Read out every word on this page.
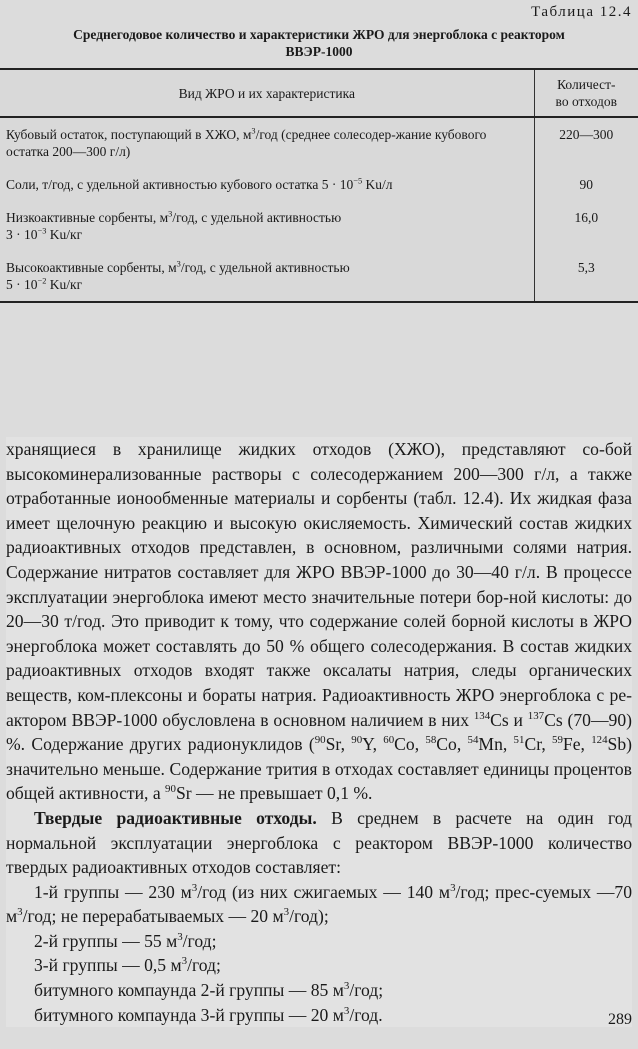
Таблица 12.4
Среднегодовое количество и характеристики ЖРО для энергоблока с реактором
ВВЭР-1000
Вид ЖРО и их характеристика	Количест-
во отходов
Кубовый остаток, поступающий в ХЖО, $м^3$/год (среднее солесодер-жание кубового остатка 200—300 г/л)	220—300
Соли, т/год, с удельной активностью кубового остатка $5 \cdot 10^{-5}$ Ku/л	90
Низкоактивные сорбенты, $м^3$/год, с удельной активностью
$3 \cdot 10^{-3}$ Ku/кг	16,0
Высокоактивные сорбенты, $м^3$/год, с удельной активностью
$5 \cdot 10^{-2}$ Ku/кг	5,3

хранящиеся в хранилище жидких отходов (ХЖО), представляют со-бой высокоминерализованные растворы с солесодержанием 200—300 г/л, а также отработанные ионообменные материалы и сорбенты (табл. 12.4). Их жидкая фаза имеет щелочную реакцию и высокую окисляемость. Химический состав жидких радиоактивных отходов представлен, в основном, различными солями натрия. Содержание нитратов составляет для ЖРО ВВЭР-1000 до 30—40 г/л. В процессе эксплуатации энергоблока имеют место значительные потери бор-ной кислоты: до 20—30 т/год. Это приводит к тому, что содержание солей борной кислоты в ЖРО энергоблока может составлять до 50 % общего солесодержания. В состав жидких радиоактивных отходов входят также оксалаты натрия, следы органических веществ, ком-плексоны и бораты натрия. Радиоактивность ЖРО энергоблока с ре-актором ВВЭР-1000 обусловлена в основном наличием в них $^{134}$Cs и $^{137}$Cs (70—90) %. Содержание других радионуклидов ($^{90}$Sr, $^{90}$Y, $^{60}$Co, $^{58}$Co, $^{54}$Mn, $^{51}$Cr, $^{59}$Fe, $^{124}$Sb) значительно меньше. Содержание трития в отходах составляет единицы процентов общей активности, а $^{90}$Sr — не превышает 0,1 %.

Твердые радиоактивные отходы. В среднем в расчете на один год нормальной эксплуатации энергоблока с реактором ВВЭР-1000 количество твердых радиоактивных отходов составляет:

1-й группы — 230 $м^3$/год (из них сжигаемых — 140 $м^3$/год; прес-суемых —70 $м^3$/год; не перерабатываемых — 20 $м^3/год$);

2-й группы — 55 $м^3$/год;

3-й группы — 0,5 $м^3$/год;

битумного компаунда 2-й группы — 85 $м^3$/год;

битумного компаунда 3-й группы — 20 $м^3$/год.	289
